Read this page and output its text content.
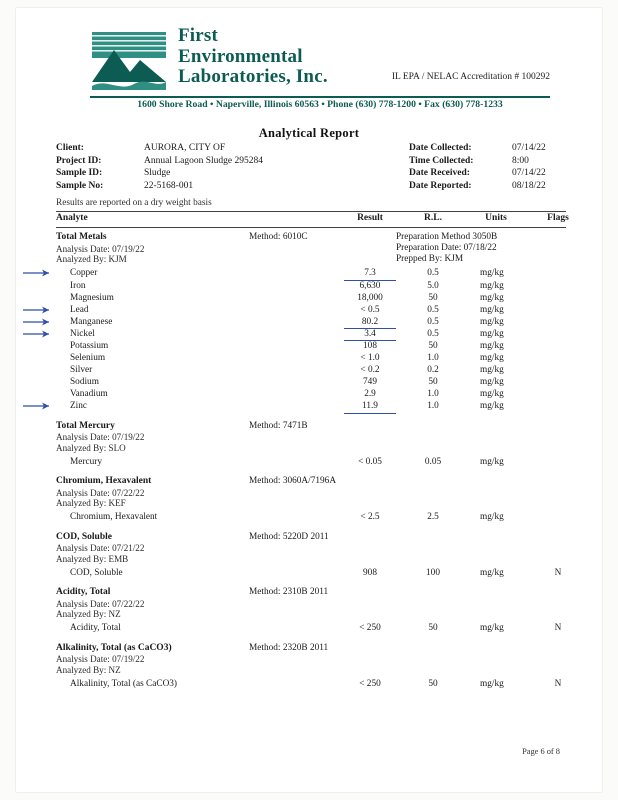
First
Environmental
Laboratories, Inc.	IL EPA / NELAC Accreditation # 100292
1600 Shore Road • Naperville, Illinois 60563 • Phone (630) 778-1200 • Fax (630) 778-1233
Analytical Report
Client:	AURORA, CITY OF	Date Collected:	07/14/22
Project ID:	Annual Lagoon Sludge 295284	Time Collected:	8:00
Sample ID:	Sludge	Date Received:	07/14/22
Sample No:	22-5168-001	Date Reported:	08/18/22
Results are reported on a dry weight basis
Analyte	Result	R.L.	Units	Flags
Total Metals
Analysis Date: 07/19/22
Analyzed By: KJM
Method: 6010C	Preparation Method 3050B
Preparation Date: 07/18/22
Prepped By: KJM
Copper	7.3	0.5	mg/kg
Iron	6,630	5.0	mg/kg
Magnesium	18,000	50	mg/kg
Lead	< 0.5	0.5	mg/kg
Manganese	80.2	0.5	mg/kg
Nickel	3.4	0.5	mg/kg
Potassium	108	50	mg/kg
Selenium	< 1.0	1.0	mg/kg
Silver	< 0.2	0.2	mg/kg
Sodium	749	50	mg/kg
Vanadium	2.9	1.0	mg/kg
Zinc	11.9	1.0	mg/kg
Total Mercury
Analysis Date: 07/19/22
Analyzed By: SLO
Method: 7471B
Mercury	< 0.05	0.05	mg/kg
Chromium, Hexavalent
Analysis Date: 07/22/22
Analyzed By: KEF
Method: 3060A/7196A
Chromium, Hexavalent	< 2.5	2.5	mg/kg
COD, Soluble
Analysis Date: 07/21/22
Analyzed By: EMB
Method: 5220D 2011
COD, Soluble	908	100	mg/kg	N
Acidity, Total
Analysis Date: 07/22/22
Analyzed By: NZ
Method: 2310B 2011
Acidity, Total	< 250	50	mg/kg	N
Alkalinity, Total (as CaCO3)
Analysis Date: 07/19/22
Analyzed By: NZ
Method: 2320B 2011
Alkalinity, Total (as CaCO3)	< 250	50	mg/kg	N
Page 6 of 8
